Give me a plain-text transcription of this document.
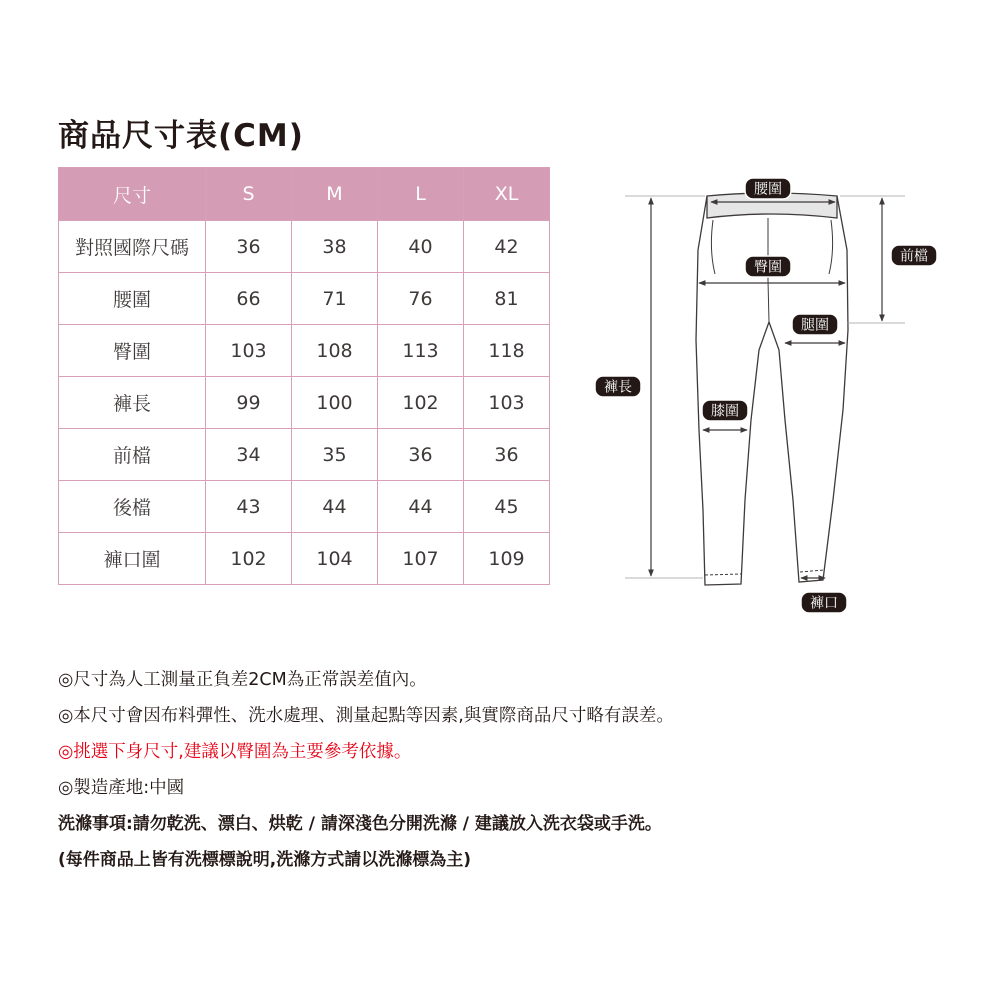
商品尺寸表(CM)
尺寸	S	M	L	XL
對照國際尺碼	36	38	40	42
腰圍	66	71	76	81
臀圍	103	108	113	118
褲長	99	100	102	103
前檔	34	35	36	36
後檔	43	44	44	45
褲口圍	102	104	107	109
腰圍
臀圍
腿圍
前檔
褲長
膝圍
褲口
◎尺寸為人工測量正負差2CM為正常誤差值內。
◎本尺寸會因布料彈性、洗水處理、測量起點等因素,與實際商品尺寸略有誤差。
◎挑選下身尺寸,建議以臀圍為主要參考依據。
◎製造產地:中國
洗滌事項:請勿乾洗、漂白、烘乾 / 請深淺色分開洗滌 / 建議放入洗衣袋或手洗。
(每件商品上皆有洗標標說明,洗滌方式請以洗滌標為主)
